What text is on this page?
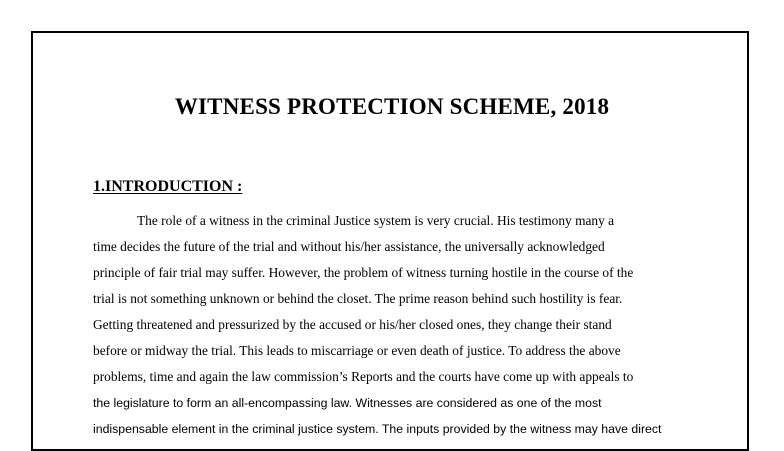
WITNESS PROTECTION SCHEME, 2018
1.INTRODUCTION :
The role of a witness in the criminal Justice system is very crucial. His testimony many a
time decides the future of the trial and without his/her assistance, the universally acknowledged
principle of fair trial may suffer. However, the problem of witness turning hostile in the course of the
trial is not something unknown or behind the closet. The prime reason behind such hostility is fear.
Getting threatened and pressurized by the accused or his/her closed ones, they change their stand
before or midway the trial. This leads to miscarriage or even death of justice. To address the above
problems, time and again the law commission’s Reports and the courts have come up with appeals to
the legislature to form an all-encompassing law. Witnesses are considered as one of the most
indispensable element in the criminal justice system. The inputs provided by the witness may have direct
